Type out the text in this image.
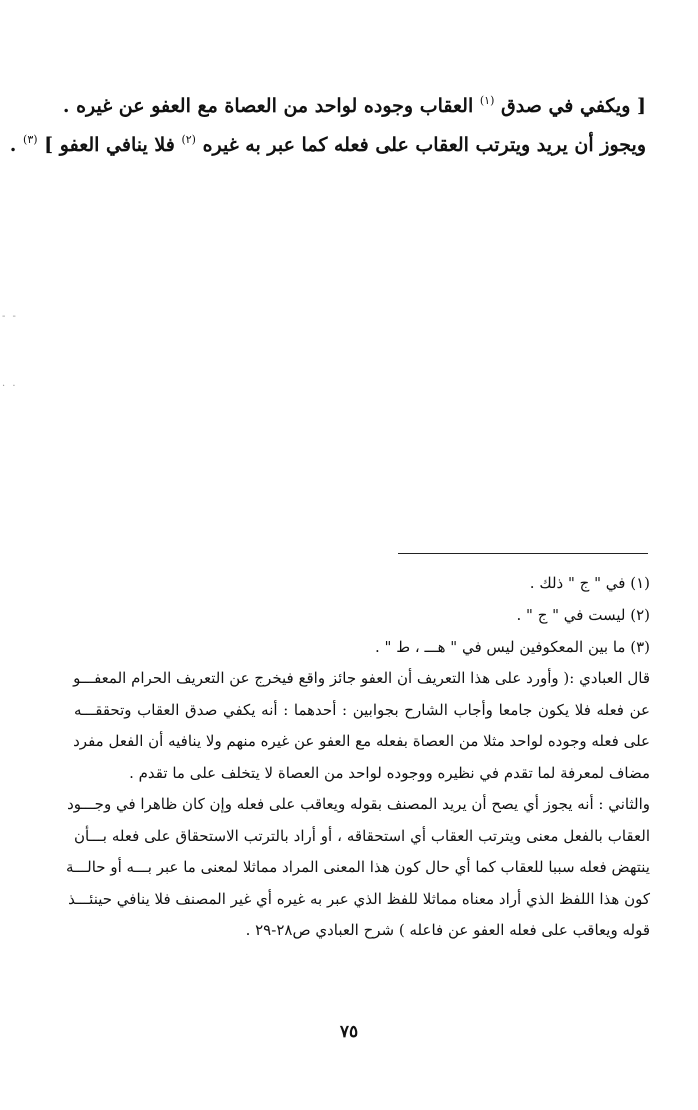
[ ويكفي في صدق $^{(١)}$ العقاب وجوده لواحد من العصاة مع العفو عن غيره .
ويجوز أن يريد ويترتب العقاب على فعله كما عبر به غيره $^{(٢)}$ فلا ينافي العفو ] $^{(٣)}$ .
- -
· ·
(١) في " ج " ذلك .
(٢) ليست في " ج " .
(٣) ما بين المعكوفين ليس في " هـــ ، ط " .
قال العبادي :( وأورد على هذا التعريف أن العفو جائز واقع فيخرج عن التعريف الحرام المعفـــو
عن فعله فلا يكون جامعا وأجاب الشارح بجوابين : أحدهما : أنه يكفي صدق العقاب وتحققـــه
على فعله وجوده لواحد مثلا من العصاة بفعله مع العفو عن غيره منهم ولا ينافيه أن الفعل مفرد
مضاف لمعرفة لما تقدم في نظيره ووجوده لواحد من العصاة لا يتخلف على ما تقدم .
والثاني : أنه يجوز أي يصح أن يريد المصنف بقوله ويعاقب على فعله وإن كان ظاهرا في وجـــود
العقاب بالفعل معنى ويترتب العقاب أي استحقاقه ، أو أراد بالترتب الاستحقاق على فعله بـــأن
ينتهض فعله سببا للعقاب كما أي حال كون هذا المعنى المراد مماثلا لمعنى ما عبر بـــه أو حالـــة
كون هذا اللفظ الذي أراد معناه مماثلا للفظ الذي عبر به غيره أي غير المصنف فلا ينافي حينئـــذ
قوله ويعاقب على فعله العفو عن فاعله ) شرح العبادي ص٢٨-٢٩ .
٧٥
